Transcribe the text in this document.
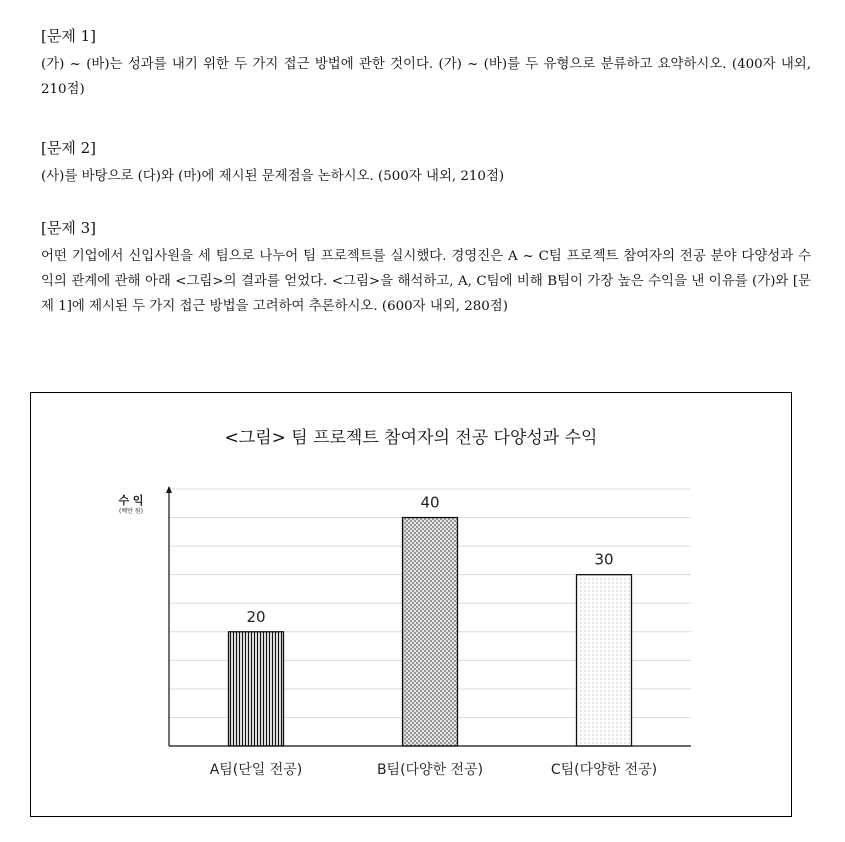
[문제 1]

(가) ~ (바)는 성과를 내기 위한 두 가지 접근 방법에 관한 것이다. (가) ~ (바)를 두 유형으로 분류하고 요약하시오. (400자 내외, 210점)

[문제 2]

(사)를 바탕으로 (다)와 (마)에 제시된 문제점을 논하시오. (500자 내외, 210점)

[문제 3]

어떤 기업에서 신입사원을 세 팀으로 나누어 팀 프로젝트를 실시했다. 경영진은 A ~ C팀 프로젝트 참여자의 전공 분야 다양성과 수익의 관계에 관해 아래 <그림>의 결과를 얻었다. <그림>을 해석하고, A, C팀에 비해 B팀이 가장 높은 수익을 낸 이유를 (가)와 [문제 1]에 제시된 두 가지 접근 방법을 고려하여 추론하시오. (600자 내외, 280점)

<그림> 팀 프로젝트 참여자의 전공 다양성과 수익
수 익
(백만 원)
20
A팀(단일 전공)
40
B팀(다양한 전공)
30
C팀(다양한 전공)
